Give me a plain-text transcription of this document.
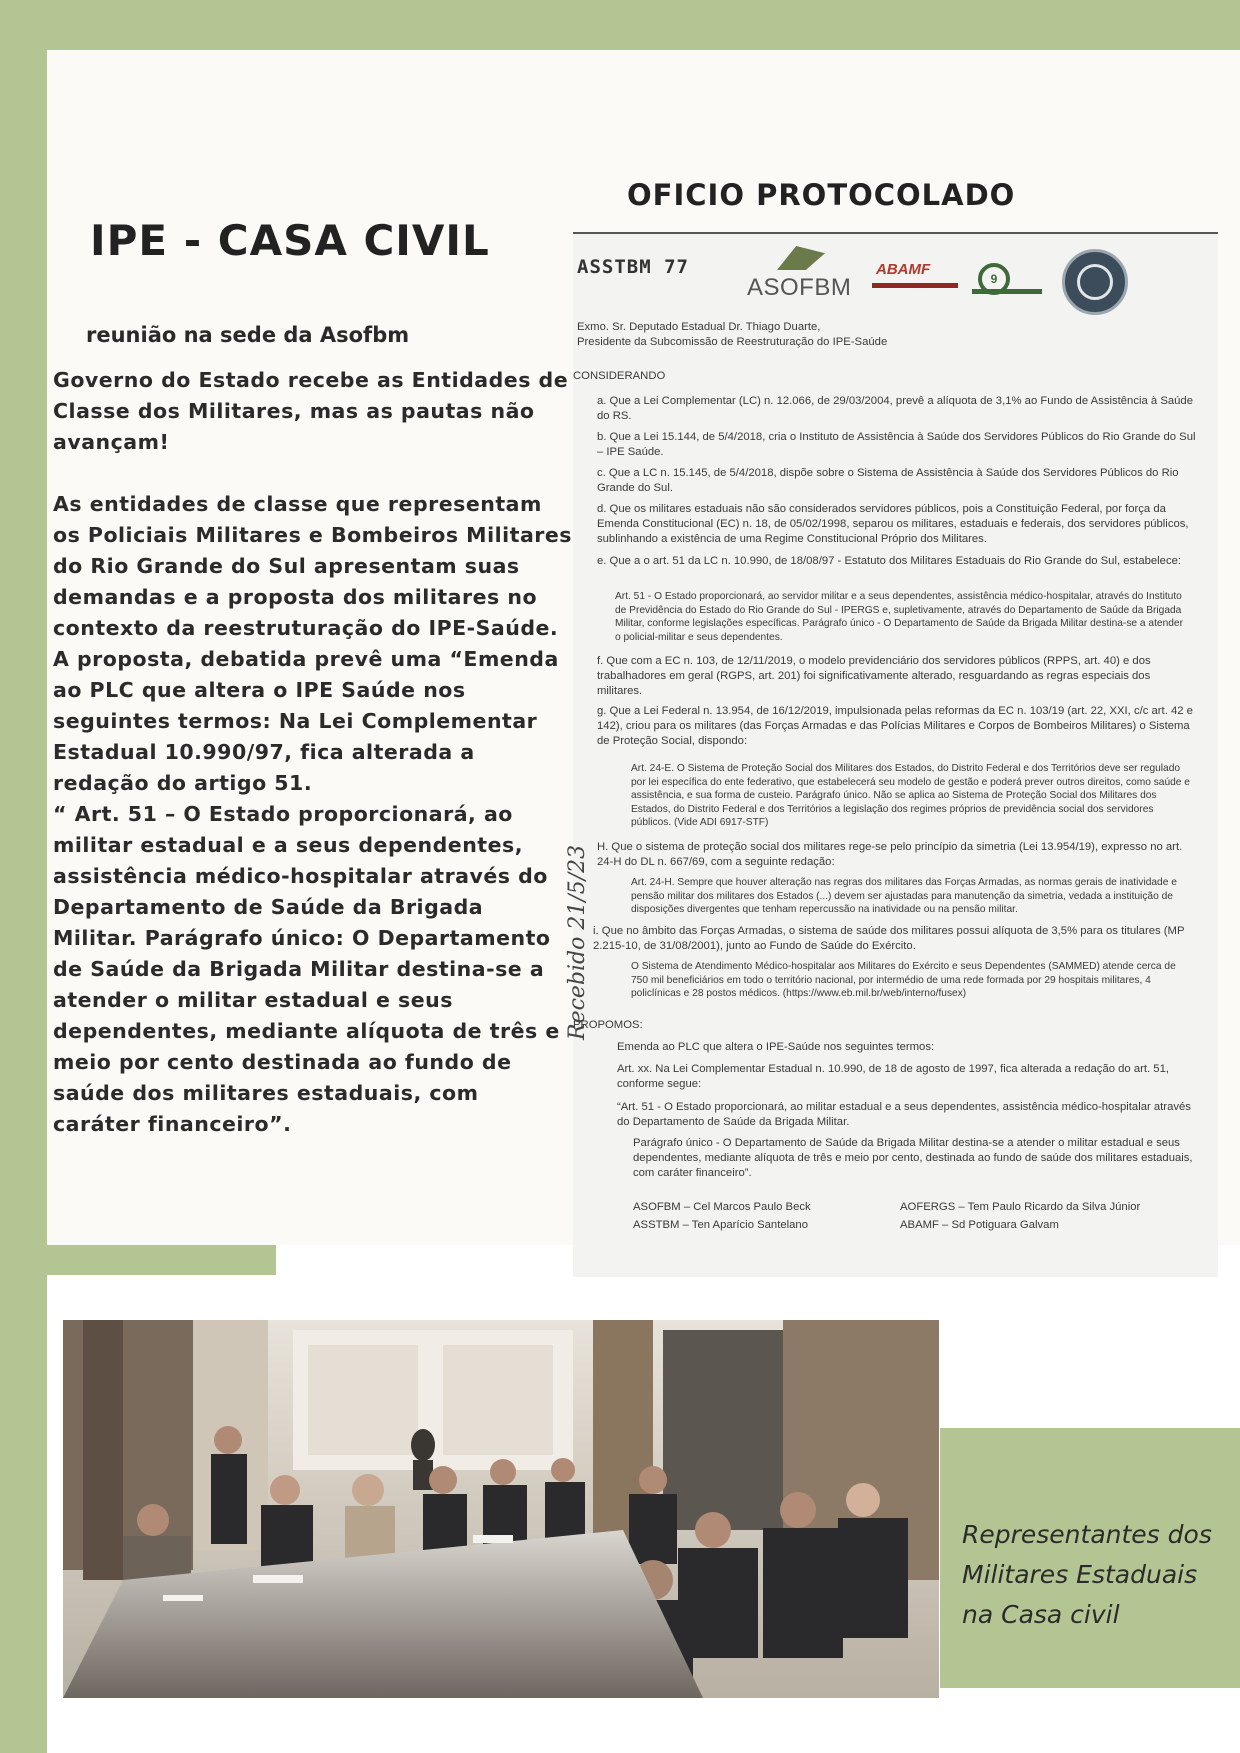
IPE - CASA CIVIL
OFICIO PROTOCOLADO
reunião na sede da Asofbm

Governo do Estado recebe as Entidades de Classe dos Militares, mas as pautas não avançam!

As entidades de classe que representam os Policiais Militares e Bombeiros Militares do Rio Grande do Sul apresentam suas demandas e a proposta dos militares no contexto da reestruturação do IPE-Saúde. A proposta, debatida prevê uma “Emenda ao PLC que altera o IPE Saúde nos seguintes termos: Na Lei Complementar Estadual 10.990/97, fica alterada a redação do artigo 51.

“ Art. 51 – O Estado proporcionará, ao militar estadual e a seus dependentes, assistência médico-hospitalar através do Departamento de Saúde da Brigada Militar. Parágrafo único: O Departamento de Saúde da Brigada Militar destina-se a atender o militar estadual e seus dependentes, mediante alíquota de três e meio por cento destinada ao fundo de saúde dos militares estaduais, com caráter financeiro”.

ASSTBM 77
ASOFBM
ABAMF
9

Exmo. Sr. Deputado Estadual Dr. Thiago Duarte,

Presidente da Subcomissão de Reestruturação do IPE-Saúde

CONSIDERANDO
a. Que a Lei Complementar (LC) n. 12.066, de 29/03/2004, prevê a alíquota de 3,1% ao Fundo de Assistência à Saúde do RS.
b. Que a Lei 15.144, de 5/4/2018, cria o Instituto de Assistência à Saúde dos Servidores Públicos do Rio Grande do Sul – IPE Saúde.
c. Que a LC n. 15.145, de 5/4/2018, dispõe sobre o Sistema de Assistência à Saúde dos Servidores Públicos do Rio Grande do Sul.
d. Que os militares estaduais não são considerados servidores públicos, pois a Constituição Federal, por força da Emenda Constitucional (EC) n. 18, de 05/02/1998, separou os militares, estaduais e federais, dos servidores públicos, sublinhando a existência de uma Regime Constitucional Próprio dos Militares.
e. Que a o art. 51 da LC n. 10.990, de 18/08/97 - Estatuto dos Militares Estaduais do Rio Grande do Sul, estabelece:
Art. 51 - O Estado proporcionará, ao servidor militar e a seus dependentes, assistência médico-hospitalar, através do Instituto de Previdência do Estado do Rio Grande do Sul - IPERGS e, supletivamente, através do Departamento de Saúde da Brigada Militar, conforme legislações específicas. Parágrafo único - O Departamento de Saúde da Brigada Militar destina-se a atender o policial-militar e seus dependentes.
f. Que com a EC n. 103, de 12/11/2019, o modelo previdenciário dos servidores públicos (RPPS, art. 40) e dos trabalhadores em geral (RGPS, art. 201) foi significativamente alterado, resguardando as regras especiais dos militares.
g. Que a Lei Federal n. 13.954, de 16/12/2019, impulsionada pelas reformas da EC n. 103/19 (art. 22, XXI, c/c art. 42 e 142), criou para os militares (das Forças Armadas e das Polícias Militares e Corpos de Bombeiros Militares) o Sistema de Proteção Social, dispondo:
Art. 24-E. O Sistema de Proteção Social dos Militares dos Estados, do Distrito Federal e dos Territórios deve ser regulado por lei específica do ente federativo, que estabelecerá seu modelo de gestão e poderá prever outros direitos, como saúde e assistência, e sua forma de custeio. Parágrafo único. Não se aplica ao Sistema de Proteção Social dos Militares dos Estados, do Distrito Federal e dos Territórios a legislação dos regimes próprios de previdência social dos servidores públicos. (Vide ADI 6917-STF)
H. Que o sistema de proteção social dos militares rege-se pelo princípio da simetria (Lei 13.954/19), expresso no art. 24-H do DL n. 667/69, com a seguinte redação:
Art. 24-H. Sempre que houver alteração nas regras dos militares das Forças Armadas, as normas gerais de inatividade e pensão militar dos militares dos Estados (...) devem ser ajustadas para manutenção da simetria, vedada a instituição de disposições divergentes que tenham repercussão na inatividade ou na pensão militar.
i. Que no âmbito das Forças Armadas, o sistema de saúde dos militares possui alíquota de 3,5% para os titulares (MP 2.215-10, de 31/08/2001), junto ao Fundo de Saúde do Exército.
O Sistema de Atendimento Médico-hospitalar aos Militares do Exército e seus Dependentes (SAMMED) atende cerca de 750 mil beneficiários em todo o território nacional, por intermédio de uma rede formada por 29 hospitais militares, 4 policlínicas e 28 postos médicos. (https://www.eb.mil.br/web/interno/fusex)
PROPOMOS:
Emenda ao PLC que altera o IPE-Saúde nos seguintes termos:
Art. xx. Na Lei Complementar Estadual n. 10.990, de 18 de agosto de 1997, fica alterada a redação do art. 51, conforme segue:
“Art. 51 - O Estado proporcionará, ao militar estadual e a seus dependentes, assistência médico-hospitalar através do Departamento de Saúde da Brigada Militar.
Parágrafo único - O Departamento de Saúde da Brigada Militar destina-se a atender o militar estadual e seus dependentes, mediante alíquota de três e meio por cento, destinada ao fundo de saúde dos militares estaduais, com caráter financeiro”.
ASOFBM – Cel Marcos Paulo Beck
ASSTBM – Ten Aparício Santelano
AOFERGS – Tem Paulo Ricardo da Silva Júnior
ABAMF – Sd Potiguara Galvam
Recebido 21/5/23

Representantes dos Militares Estaduais na Casa civil
